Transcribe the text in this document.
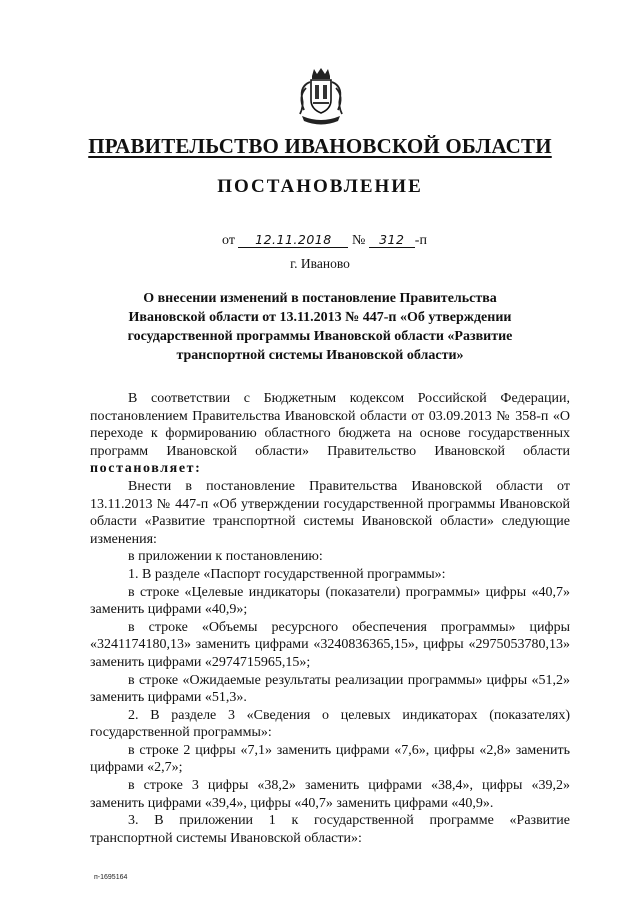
ПРАВИТЕЛЬСТВО ИВАНОВСКОЙ ОБЛАСТИ
ПОСТАНОВЛЕНИЕ
от 12.11.2018 № 312 -п
г. Иваново
О внесении изменений в постановление Правительства Ивановской области от 13.11.2013 № 447-п «Об утверждении государственной программы Ивановской области «Развитие транспортной системы Ивановской области»

В соответствии с Бюджетным кодексом Российской Федерации, постановлением Правительства Ивановской области от 03.09.2013 № 358-п «О переходе к формированию областного бюджета на основе государственных программ Ивановской области» Правительство Ивановской области постановляет:

Внести в постановление Правительства Ивановской области от 13.11.2013 № 447-п «Об утверждении государственной программы Ивановской области «Развитие транспортной системы Ивановской области» следующие изменения:

в приложении к постановлению:

1. В разделе «Паспорт государственной программы»:

в строке «Целевые индикаторы (показатели) программы» цифры «40,7» заменить цифрами «40,9»;

в строке «Объемы ресурсного обеспечения программы» цифры «3241174180,13» заменить цифрами «3240836365,15», цифры «2975053780,13» заменить цифрами «2974715965,15»;

в строке «Ожидаемые результаты реализации программы» цифры «51,2» заменить цифрами «51,3».

2. В разделе 3 «Сведения о целевых индикаторах (показателях) государственной программы»:

в строке 2 цифры «7,1» заменить цифрами «7,6», цифры «2,8» заменить цифрами «2,7»;

в строке 3 цифры «38,2» заменить цифрами «38,4», цифры «39,2» заменить цифрами «39,4», цифры «40,7» заменить цифрами «40,9».

3. В приложении 1 к государственной программе «Развитие транспортной системы Ивановской области»:

п-1695164
